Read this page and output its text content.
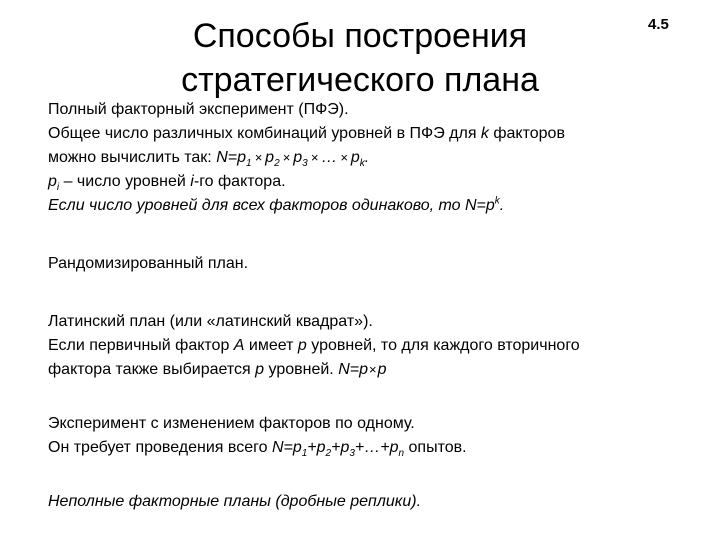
4.5
Способы построения
стратегического плана

Полный факторный эксперимент (ПФЭ).

Общее число различных комбинаций уровней в ПФЭ для k факторов

можно вычислить так: $N=p_1 \times p_2 \times p_3$ × … × $p_k$.

$p_i$ – число уровней i-го фактора.

Если число уровней для всех факторов одинаково, то $N=p^k$.

Рандомизированный план.

Латинский план (или «латинский квадрат»).

Если первичный фактор А имеет р уровней, то для каждого вторичного

фактора также выбирается р уровней. N=p×p

Эксперимент с изменением факторов по одному.

Он требует проведения всего $N=p_1+p_2+p_3+\dots+p_n$ опытов.

Неполные факторные планы (дробные реплики).
